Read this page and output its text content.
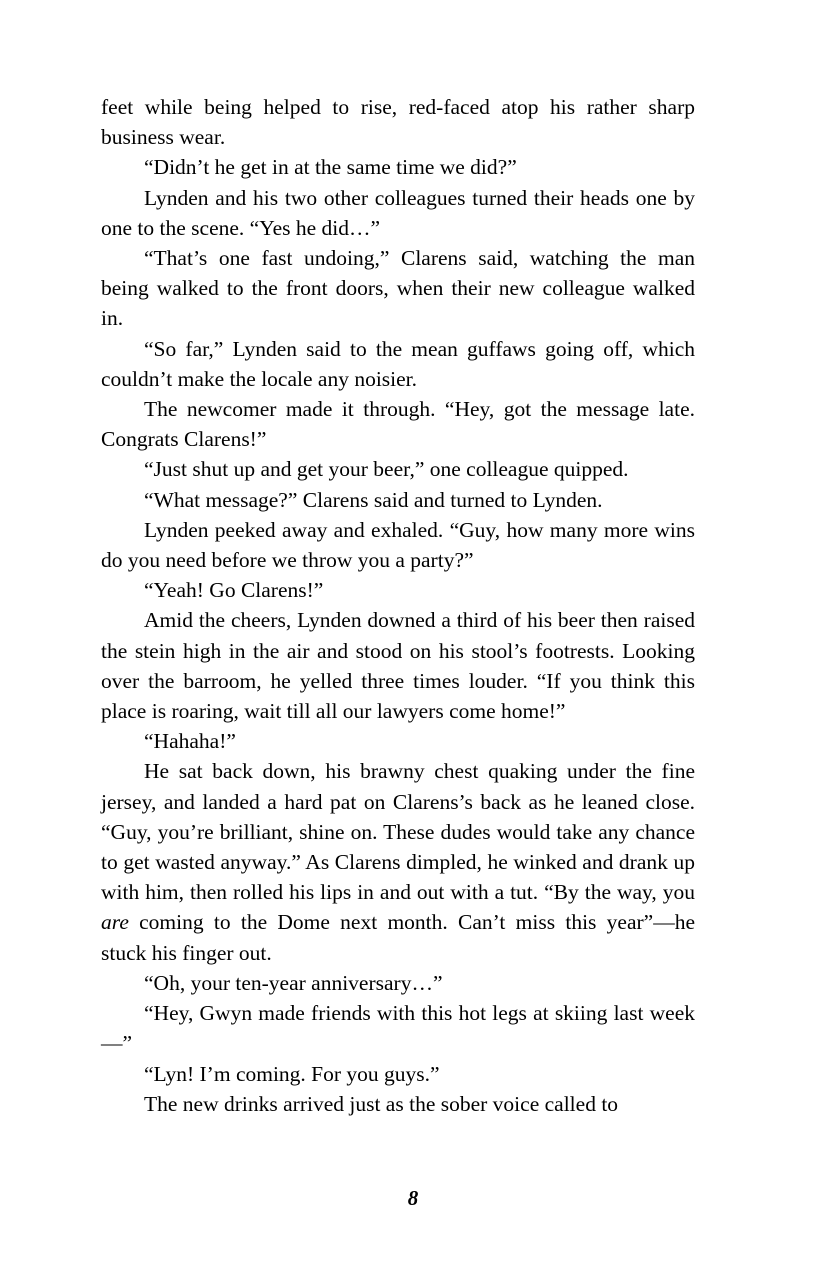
feet while being helped to rise, red-faced atop his rather sharp business wear.

“Didn’t he get in at the same time we did?”

Lynden and his two other colleagues turned their heads one by one to the scene. “Yes he did…”

“That’s one fast undoing,” Clarens said, watching the man being walked to the front doors, when their new colleague walked in.

“So far,” Lynden said to the mean guffaws going off, which couldn’t make the locale any noisier.

The newcomer made it through. “Hey, got the message late. Congrats Clarens!”

“Just shut up and get your beer,” one colleague quipped.

“What message?” Clarens said and turned to Lynden.

Lynden peeked away and exhaled. “Guy, how many more wins do you need before we throw you a party?”

“Yeah! Go Clarens!”

Amid the cheers, Lynden downed a third of his beer then raised the stein high in the air and stood on his stool’s footrests. Looking over the barroom, he yelled three times louder. “If you think this place is roaring, wait till all our lawyers come home!”

“Hahaha!”

He sat back down, his brawny chest quaking under the fine jersey, and landed a hard pat on Clarens’s back as he leaned close. “Guy, you’re brilliant, shine on. These dudes would take any chance to get wasted anyway.” As Clarens dimpled, he winked and drank up with him, then rolled his lips in and out with a tut. “By the way, you are coming to the Dome next month. Can’t miss this year”—he stuck his finger out.

“Oh, your ten-year anniversary…”

“Hey, Gwyn made friends with this hot legs at skiing last week—”

“Lyn! I’m coming. For you guys.”

The new drinks arrived just as the sober voice called to

8
